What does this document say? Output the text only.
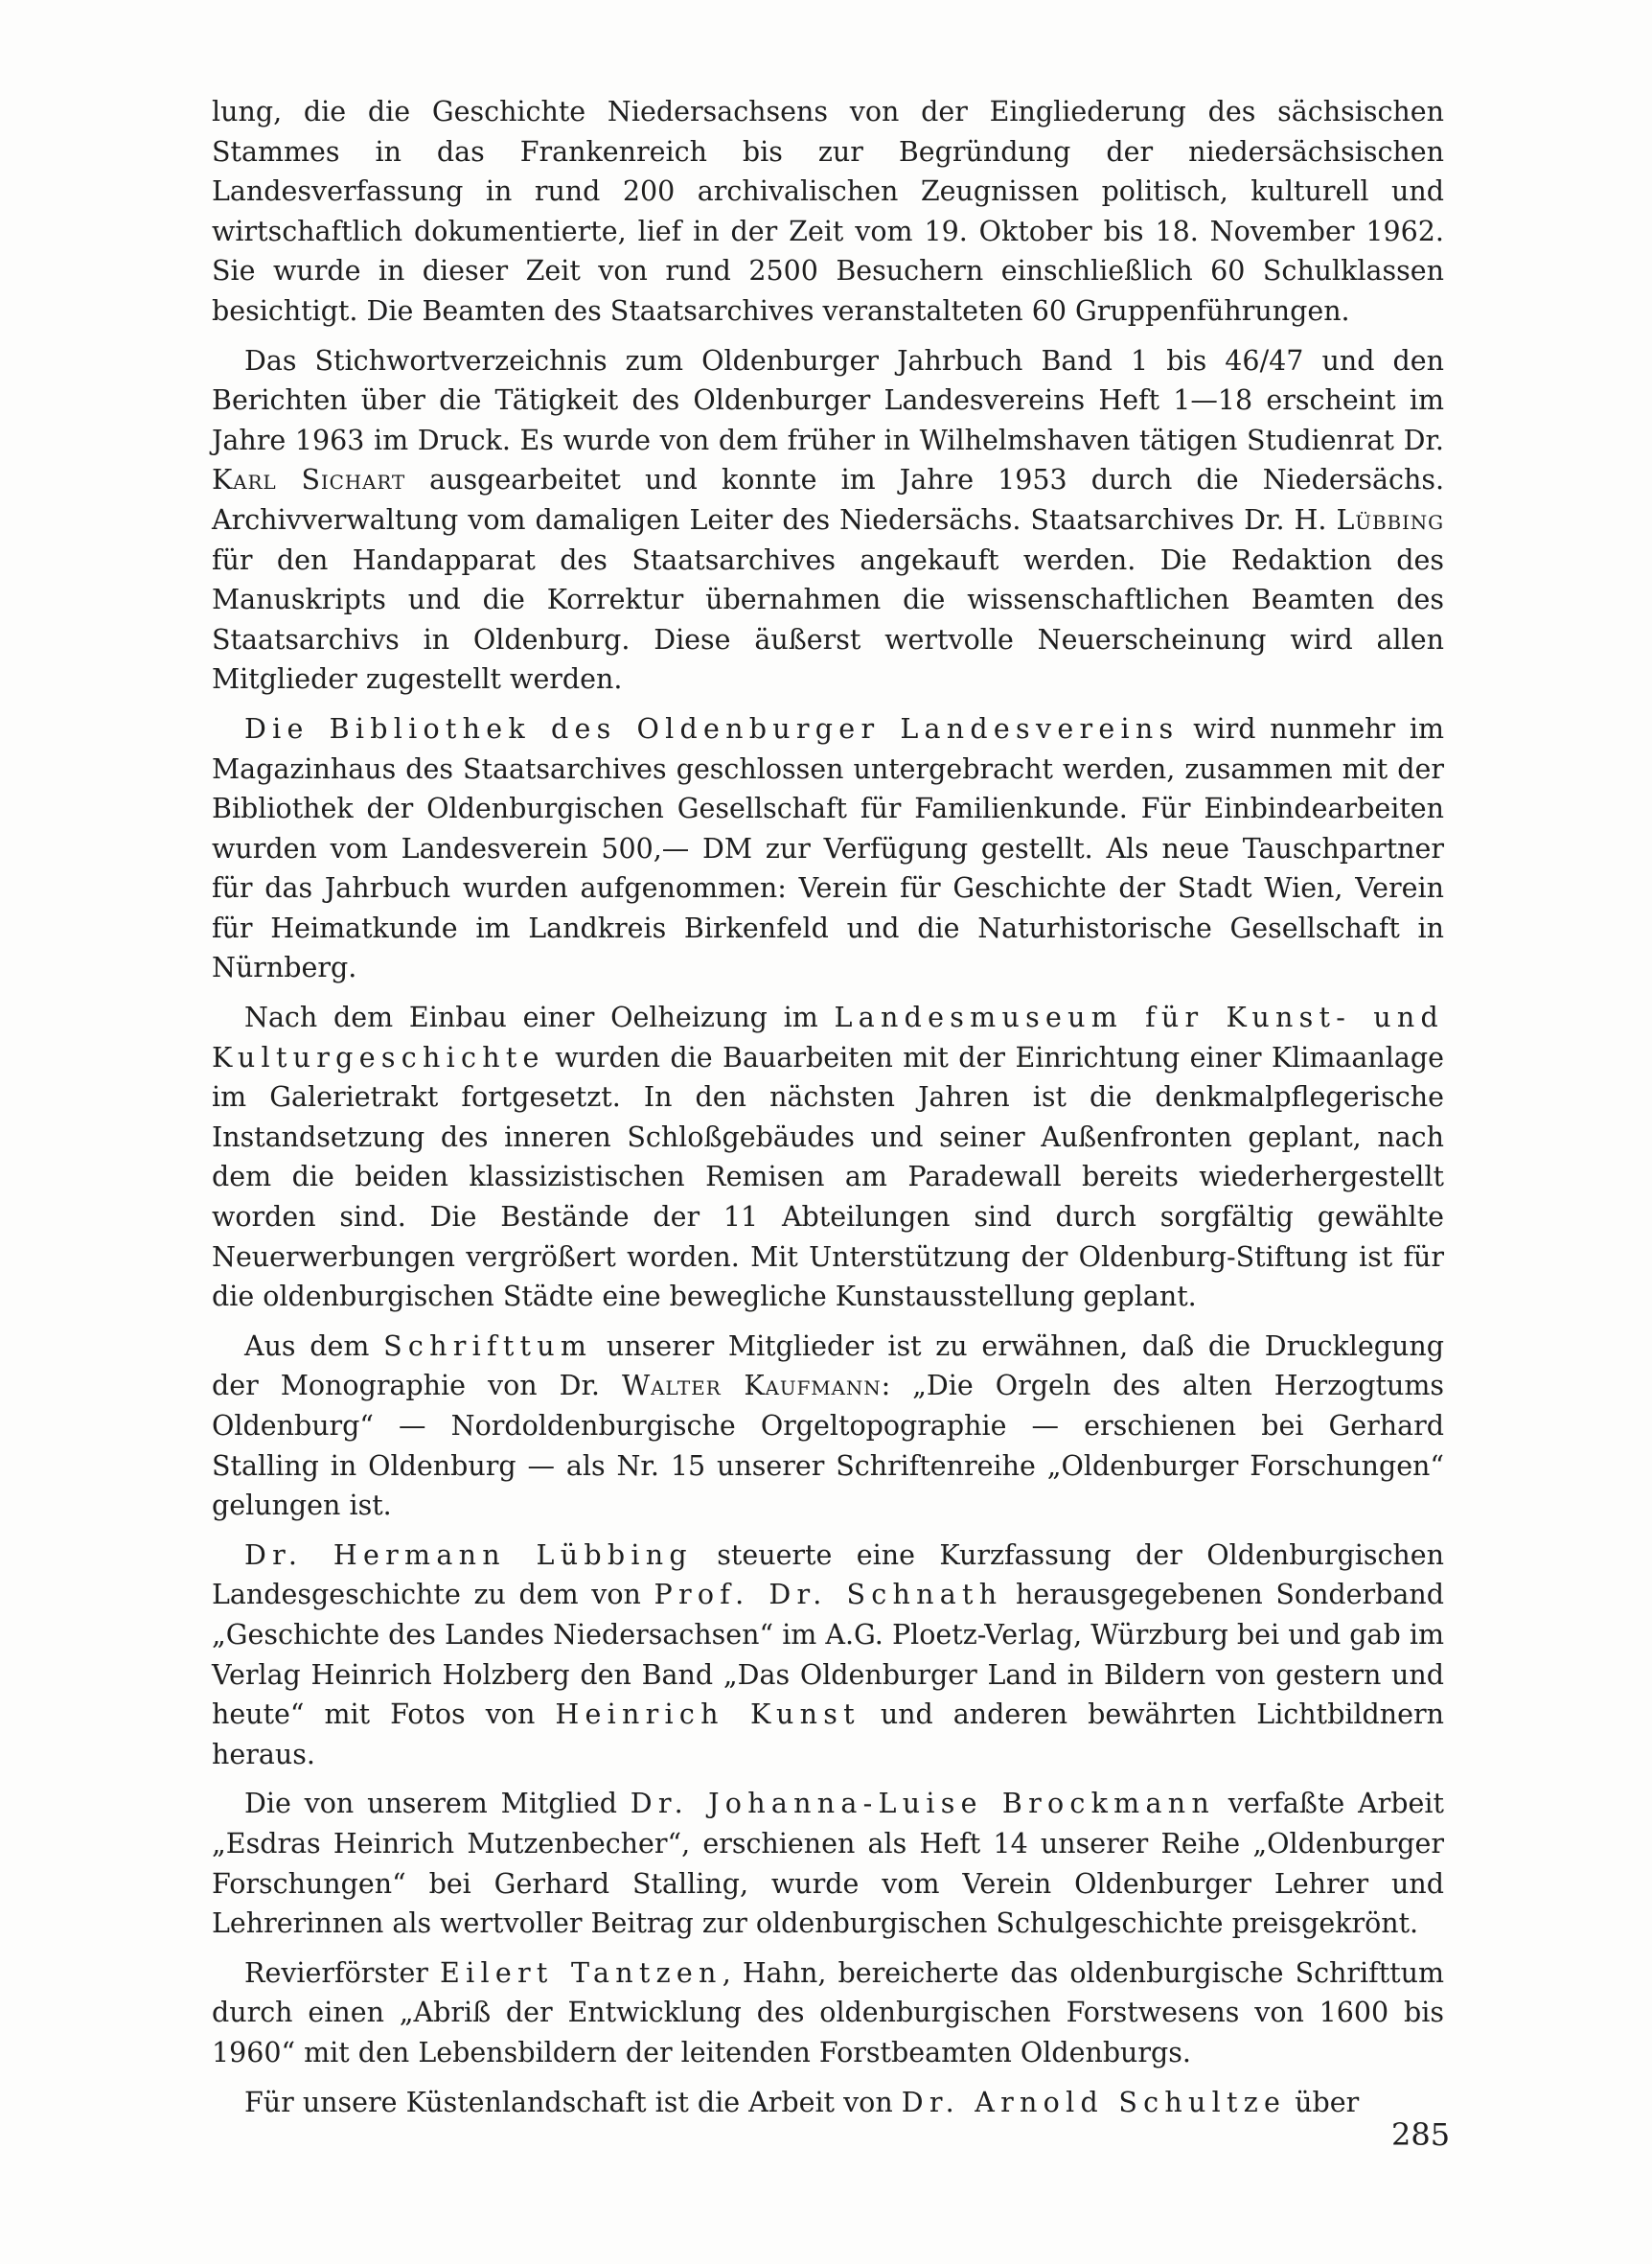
lung, die die Geschichte Niedersachsens von der Eingliederung des sächsischen Stammes in das Frankenreich bis zur Begründung der niedersächsischen Landesverfassung in rund 200 archivalischen Zeugnissen politisch, kulturell und wirtschaftlich dokumentierte, lief in der Zeit vom 19. Oktober bis 18. November 1962. Sie wurde in dieser Zeit von rund 2500 Besuchern einschließlich 60 Schulklassen besichtigt. Die Beamten des Staatsarchives veranstalteten 60 Gruppenführungen.

Das Stichwortverzeichnis zum Oldenburger Jahrbuch Band 1 bis 46/47 und den Berichten über die Tätigkeit des Oldenburger Landesvereins Heft 1—18 erscheint im Jahre 1963 im Druck. Es wurde von dem früher in Wilhelmshaven tätigen Studienrat Dr. Karl Sichart ausgearbeitet und konnte im Jahre 1953 durch die Niedersächs. Archivverwaltung vom damaligen Leiter des Niedersächs. Staatsarchives Dr. H. Lübbing für den Handapparat des Staatsarchives angekauft werden. Die Redaktion des Manuskripts und die Korrektur übernahmen die wissenschaftlichen Beamten des Staatsarchivs in Oldenburg. Diese äußerst wertvolle Neuerscheinung wird allen Mitglieder zugestellt werden.

Die Bibliothek des Oldenburger Landesvereins wird nunmehr im Magazinhaus des Staatsarchives geschlossen untergebracht werden, zusammen mit der Bibliothek der Oldenburgischen Gesellschaft für Familienkunde. Für Einbindearbeiten wurden vom Landesverein 500,— DM zur Verfügung gestellt. Als neue Tauschpartner für das Jahrbuch wurden aufgenommen: Verein für Geschichte der Stadt Wien, Verein für Heimatkunde im Landkreis Birkenfeld und die Naturhistorische Gesellschaft in Nürnberg.

Nach dem Einbau einer Oelheizung im Landesmuseum für Kunst- und Kulturgeschichte wurden die Bauarbeiten mit der Einrichtung einer Klimaanlage im Galerietrakt fortgesetzt. In den nächsten Jahren ist die denkmalpflegerische Instandsetzung des inneren Schloßgebäudes und seiner Außenfronten geplant, nach dem die beiden klassizistischen Remisen am Paradewall bereits wiederhergestellt worden sind. Die Bestände der 11 Abteilungen sind durch sorgfältig gewählte Neuerwerbungen vergrößert worden. Mit Unterstützung der Oldenburg-Stiftung ist für die oldenburgischen Städte eine bewegliche Kunstausstellung geplant.

Aus dem Schrifttum unserer Mitglieder ist zu erwähnen, daß die Drucklegung der Monographie von Dr. Walter Kaufmann: „Die Orgeln des alten Herzogtums Oldenburg“ — Nordoldenburgische Orgeltopographie — erschienen bei Gerhard Stalling in Oldenburg — als Nr. 15 unserer Schriftenreihe „Oldenburger Forschungen“ gelungen ist.

Dr. Hermann Lübbing steuerte eine Kurzfassung der Oldenburgischen Landesgeschichte zu dem von Prof. Dr. Schnath herausgegebenen Sonderband „Geschichte des Landes Niedersachsen“ im A.G. Ploetz-Verlag, Würzburg bei und gab im Verlag Heinrich Holzberg den Band „Das Oldenburger Land in Bildern von gestern und heute“ mit Fotos von Heinrich Kunst und anderen bewährten Lichtbildnern heraus.

Die von unserem Mitglied Dr. Johanna-Luise Brockmann verfaßte Arbeit „Esdras Heinrich Mutzenbecher“, erschienen als Heft 14 unserer Reihe „Oldenburger Forschungen“ bei Gerhard Stalling, wurde vom Verein Oldenburger Lehrer und Lehrerinnen als wertvoller Beitrag zur oldenburgischen Schulgeschichte preisgekrönt.

Revierförster Eilert Tantzen, Hahn, bereicherte das oldenburgische Schrifttum durch einen „Abriß der Entwicklung des oldenburgischen Forstwesens von 1600 bis 1960“ mit den Lebensbildern der leitenden Forstbeamten Oldenburgs.

Für unsere Küstenlandschaft ist die Arbeit von Dr. Arnold Schultze über

285
